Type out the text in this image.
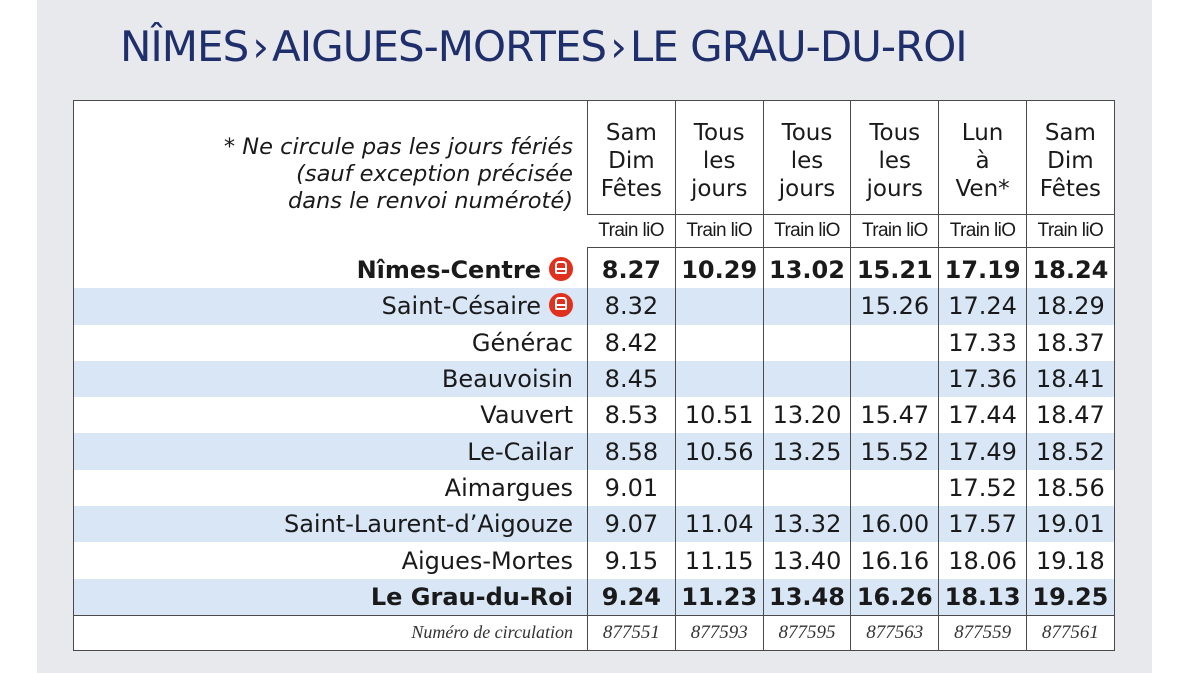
NÎMES›AIGUES-MORTES›LE GRAU-DU-ROI
* Ne circule pas les jours fériés
(sauf exception précisée
dans le renvoi numéroté)	Sam
Dim
Fêtes	Tous
les
jours	Tous
les
jours	Tous
les
jours	Lun
à
Ven*	Sam
Dim
Fêtes

	Train liO	Train liO	Train liO	Train liO	Train liO	Train liO
Nîmes-Centre	8.27	10.29	13.02	15.21	17.19	18.24
Saint-Césaire	8.32			15.26	17.24	18.29
Générac	8.42				17.33	18.37
Beauvoisin	8.45				17.36	18.41
Vauvert	8.53	10.51	13.20	15.47	17.44	18.47
Le-Cailar	8.58	10.56	13.25	15.52	17.49	18.52
Aimargues	9.01				17.52	18.56
Saint-Laurent-d’Aigouze	9.07	11.04	13.32	16.00	17.57	19.01
Aigues-Mortes	9.15	11.15	13.40	16.16	18.06	19.18
Le Grau-du-Roi	9.24	11.23	13.48	16.26	18.13	19.25
Numéro de circulation	877551	877593	877595	877563	877559	877561
